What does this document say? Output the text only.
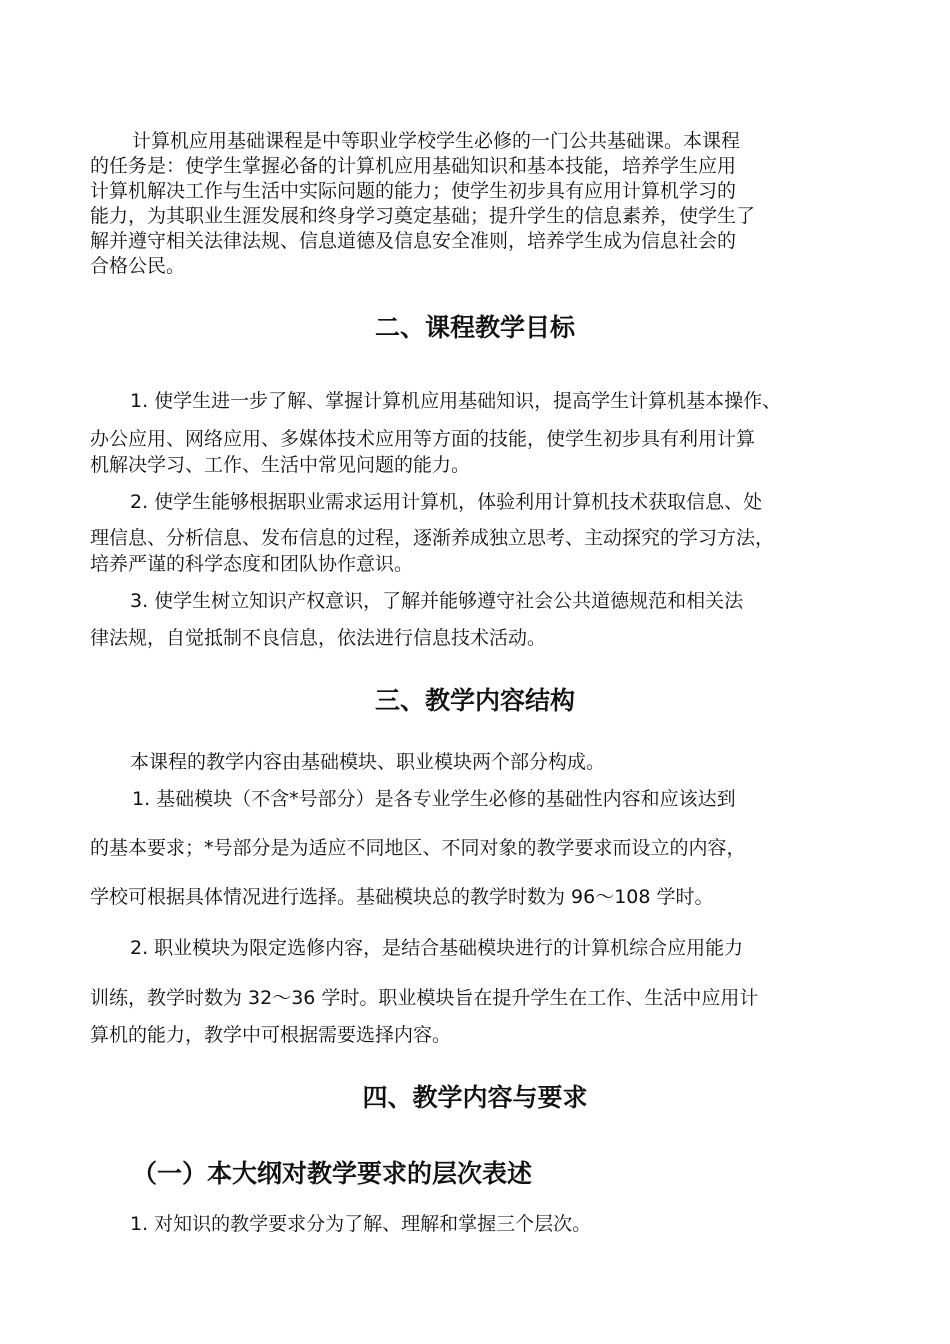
计算机应用基础课程是中等职业学校学生必修的一门公共基础课。本课程
的任务是：使学生掌握必备的计算机应用基础知识和基本技能，培养学生应用
计算机解决工作与生活中实际问题的能力；使学生初步具有应用计算机学习的
能力，为其职业生涯发展和终身学习奠定基础；提升学生的信息素养，使学生了
解并遵守相关法律法规、信息道德及信息安全准则，培养学生成为信息社会的
合格公民。
二、课程教学目标
1. 使学生进一步了解、掌握计算机应用基础知识，提高学生计算机基本操作、
办公应用、网络应用、多媒体技术应用等方面的技能，使学生初步具有利用计算
机解决学习、工作、生活中常见问题的能力。
2. 使学生能够根据职业需求运用计算机，体验利用计算机技术获取信息、处
理信息、分析信息、发布信息的过程，逐渐养成独立思考、主动探究的学习方法，
培养严谨的科学态度和团队协作意识。
3. 使学生树立知识产权意识，了解并能够遵守社会公共道德规范和相关法
律法规，自觉抵制不良信息，依法进行信息技术活动。
三、教学内容结构
本课程的教学内容由基础模块、职业模块两个部分构成。
1. 基础模块（不含*号部分）是各专业学生必修的基础性内容和应该达到
的基本要求；*号部分是为适应不同地区、不同对象的教学要求而设立的内容，
学校可根据具体情况进行选择。基础模块总的教学时数为 96～108 学时。
2. 职业模块为限定选修内容，是结合基础模块进行的计算机综合应用能力
训练，教学时数为 32～36 学时。职业模块旨在提升学生在工作、生活中应用计
算机的能力，教学中可根据需要选择内容。
四、教学内容与要求
（一）本大纲对教学要求的层次表述
1. 对知识的教学要求分为了解、理解和掌握三个层次。
